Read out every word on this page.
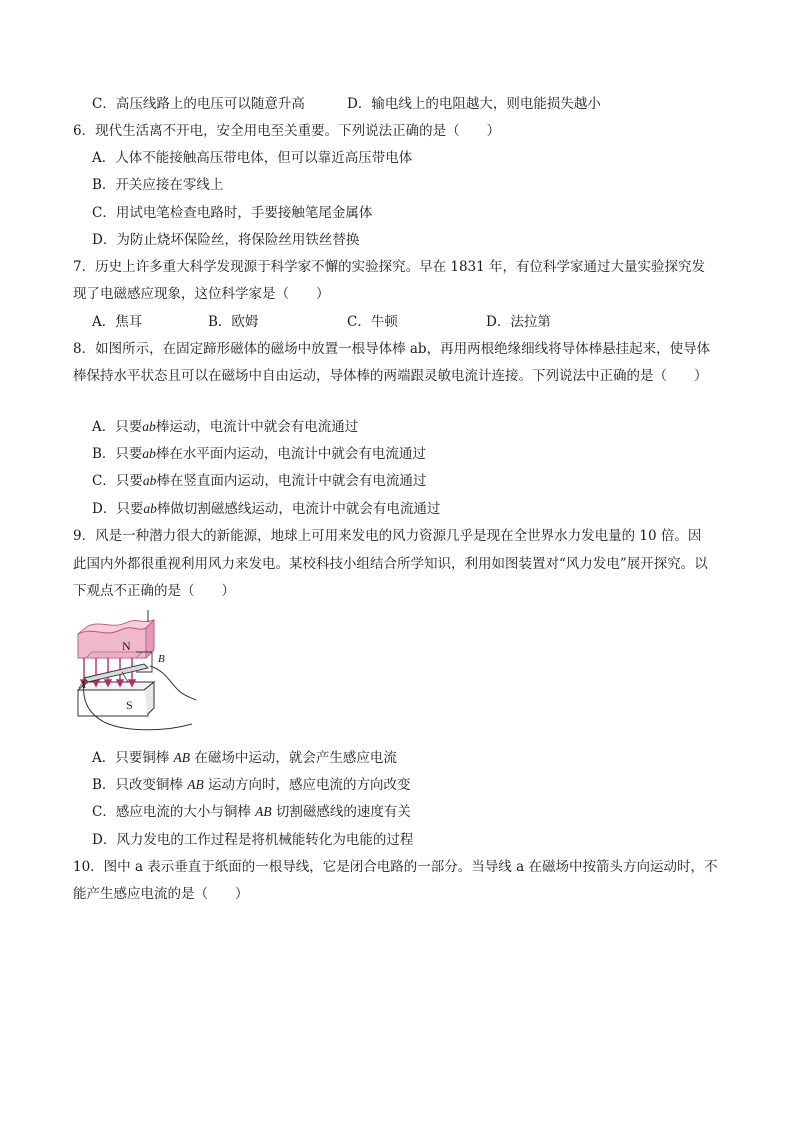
C．高压线路上的电压可以随意升高	D．输电线上的电阻越大，则电能损失越小
6．现代生活离不开电，安全用电至关重要。下列说法正确的是（　　）
A．人体不能接触高压带电体，但可以靠近高压带电体
B．开关应接在零线上
C．用试电笔检查电路时，手要接触笔尾金属体
D．为防止烧坏保险丝，将保险丝用铁丝替换
7．历史上许多重大科学发现源于科学家不懈的实验探究。早在 1831 年，有位科学家通过大量实验探究发
现了电磁感应现象，这位科学家是（　　）
A．焦耳	B．欧姆	C．牛顿	D．法拉第
8．如图所示，在固定蹄形磁体的磁场中放置一根导体棒 ab，再用两根绝缘细线将导体棒悬挂起来，使导体
棒保持水平状态且可以在磁场中自由运动，导体棒的两端跟灵敏电流计连接。下列说法中正确的是（　　）
A．只要ab棒运动，电流计中就会有电流通过
B．只要ab棒在水平面内运动，电流计中就会有电流通过
C．只要ab棒在竖直面内运动，电流计中就会有电流通过
D．只要ab棒做切割磁感线运动，电流计中就会有电流通过
9．风是一种潜力很大的新能源，地球上可用来发电的风力资源几乎是现在全世界水力发电量的 10 倍。因
此国内外都很重视利用风力来发电。某校科技小组结合所学知识，利用如图装置对“风力发电”展开探究。以
下观点不正确的是（　　）
N
S
A
B
A．只要铜棒 AB 在磁场中运动，就会产生感应电流
B．只改变铜棒 AB 运动方向时，感应电流的方向改变
C．感应电流的大小与铜棒 AB 切割磁感线的速度有关
D．风力发电的工作过程是将机械能转化为电能的过程
10．图中 a 表示垂直于纸面的一根导线，它是闭合电路的一部分。当导线 a 在磁场中按箭头方向运动时，不
能产生感应电流的是（　　）
